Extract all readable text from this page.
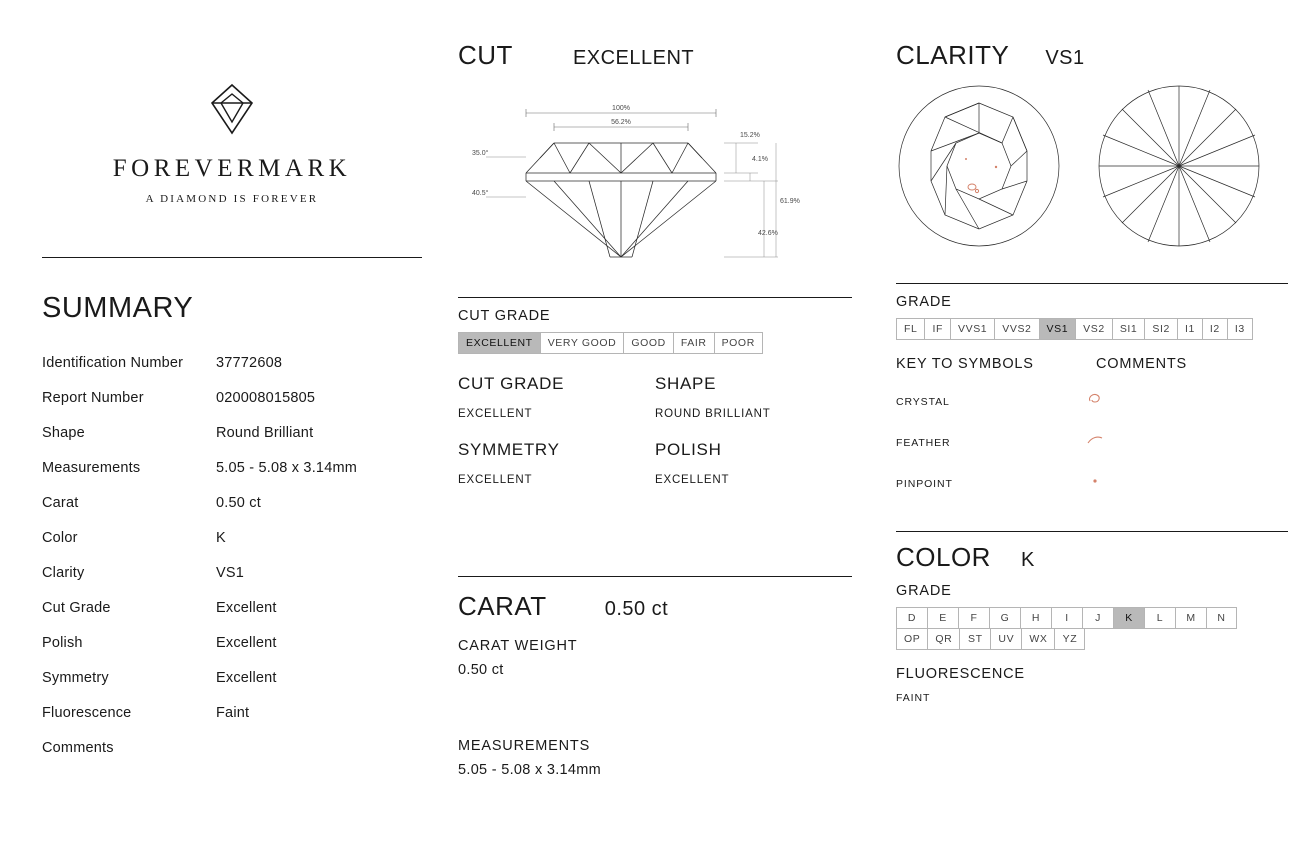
FOREVERMARK
A DIAMOND IS FOREVER
SUMMARY
Identification Number	37772608
Report Number	020008015805
Shape	Round Brilliant
Measurements	5.05 - 5.08 x 3.14mm
Carat	0.50 ct
Color	K
Clarity	VS1
Cut Grade	Excellent
Polish	Excellent
Symmetry	Excellent
Fluorescence	Faint
Comments	
CUT	EXCELLENT
100%
56.2%
35.0°
40.5°
15.2%
4.1%
61.9%
42.6%
CUT GRADE
EXCELLENT	VERY GOOD	GOOD	FAIR	POOR
CUT GRADE
EXCELLENT
SHAPE
ROUND BRILLIANT
SYMMETRY
EXCELLENT
POLISH
EXCELLENT
CARAT	0.50 ct
CARAT WEIGHT
0.50 ct
MEASUREMENTS
5.05 - 5.08 x 3.14mm
CLARITY VS1
GRADE
FL	IF	VVS1	VVS2	VS1	VS2	SI1	SI2	I1	I2	I3
KEY TO SYMBOLS	COMMENTS
CRYSTAL
FEATHER
PINPOINT
COLOR K
GRADE
D	E	F	G	H	I	J	K	L	M	N
OP	QR	ST	UV	WX	YZ
FLUORESCENCE
FAINT
